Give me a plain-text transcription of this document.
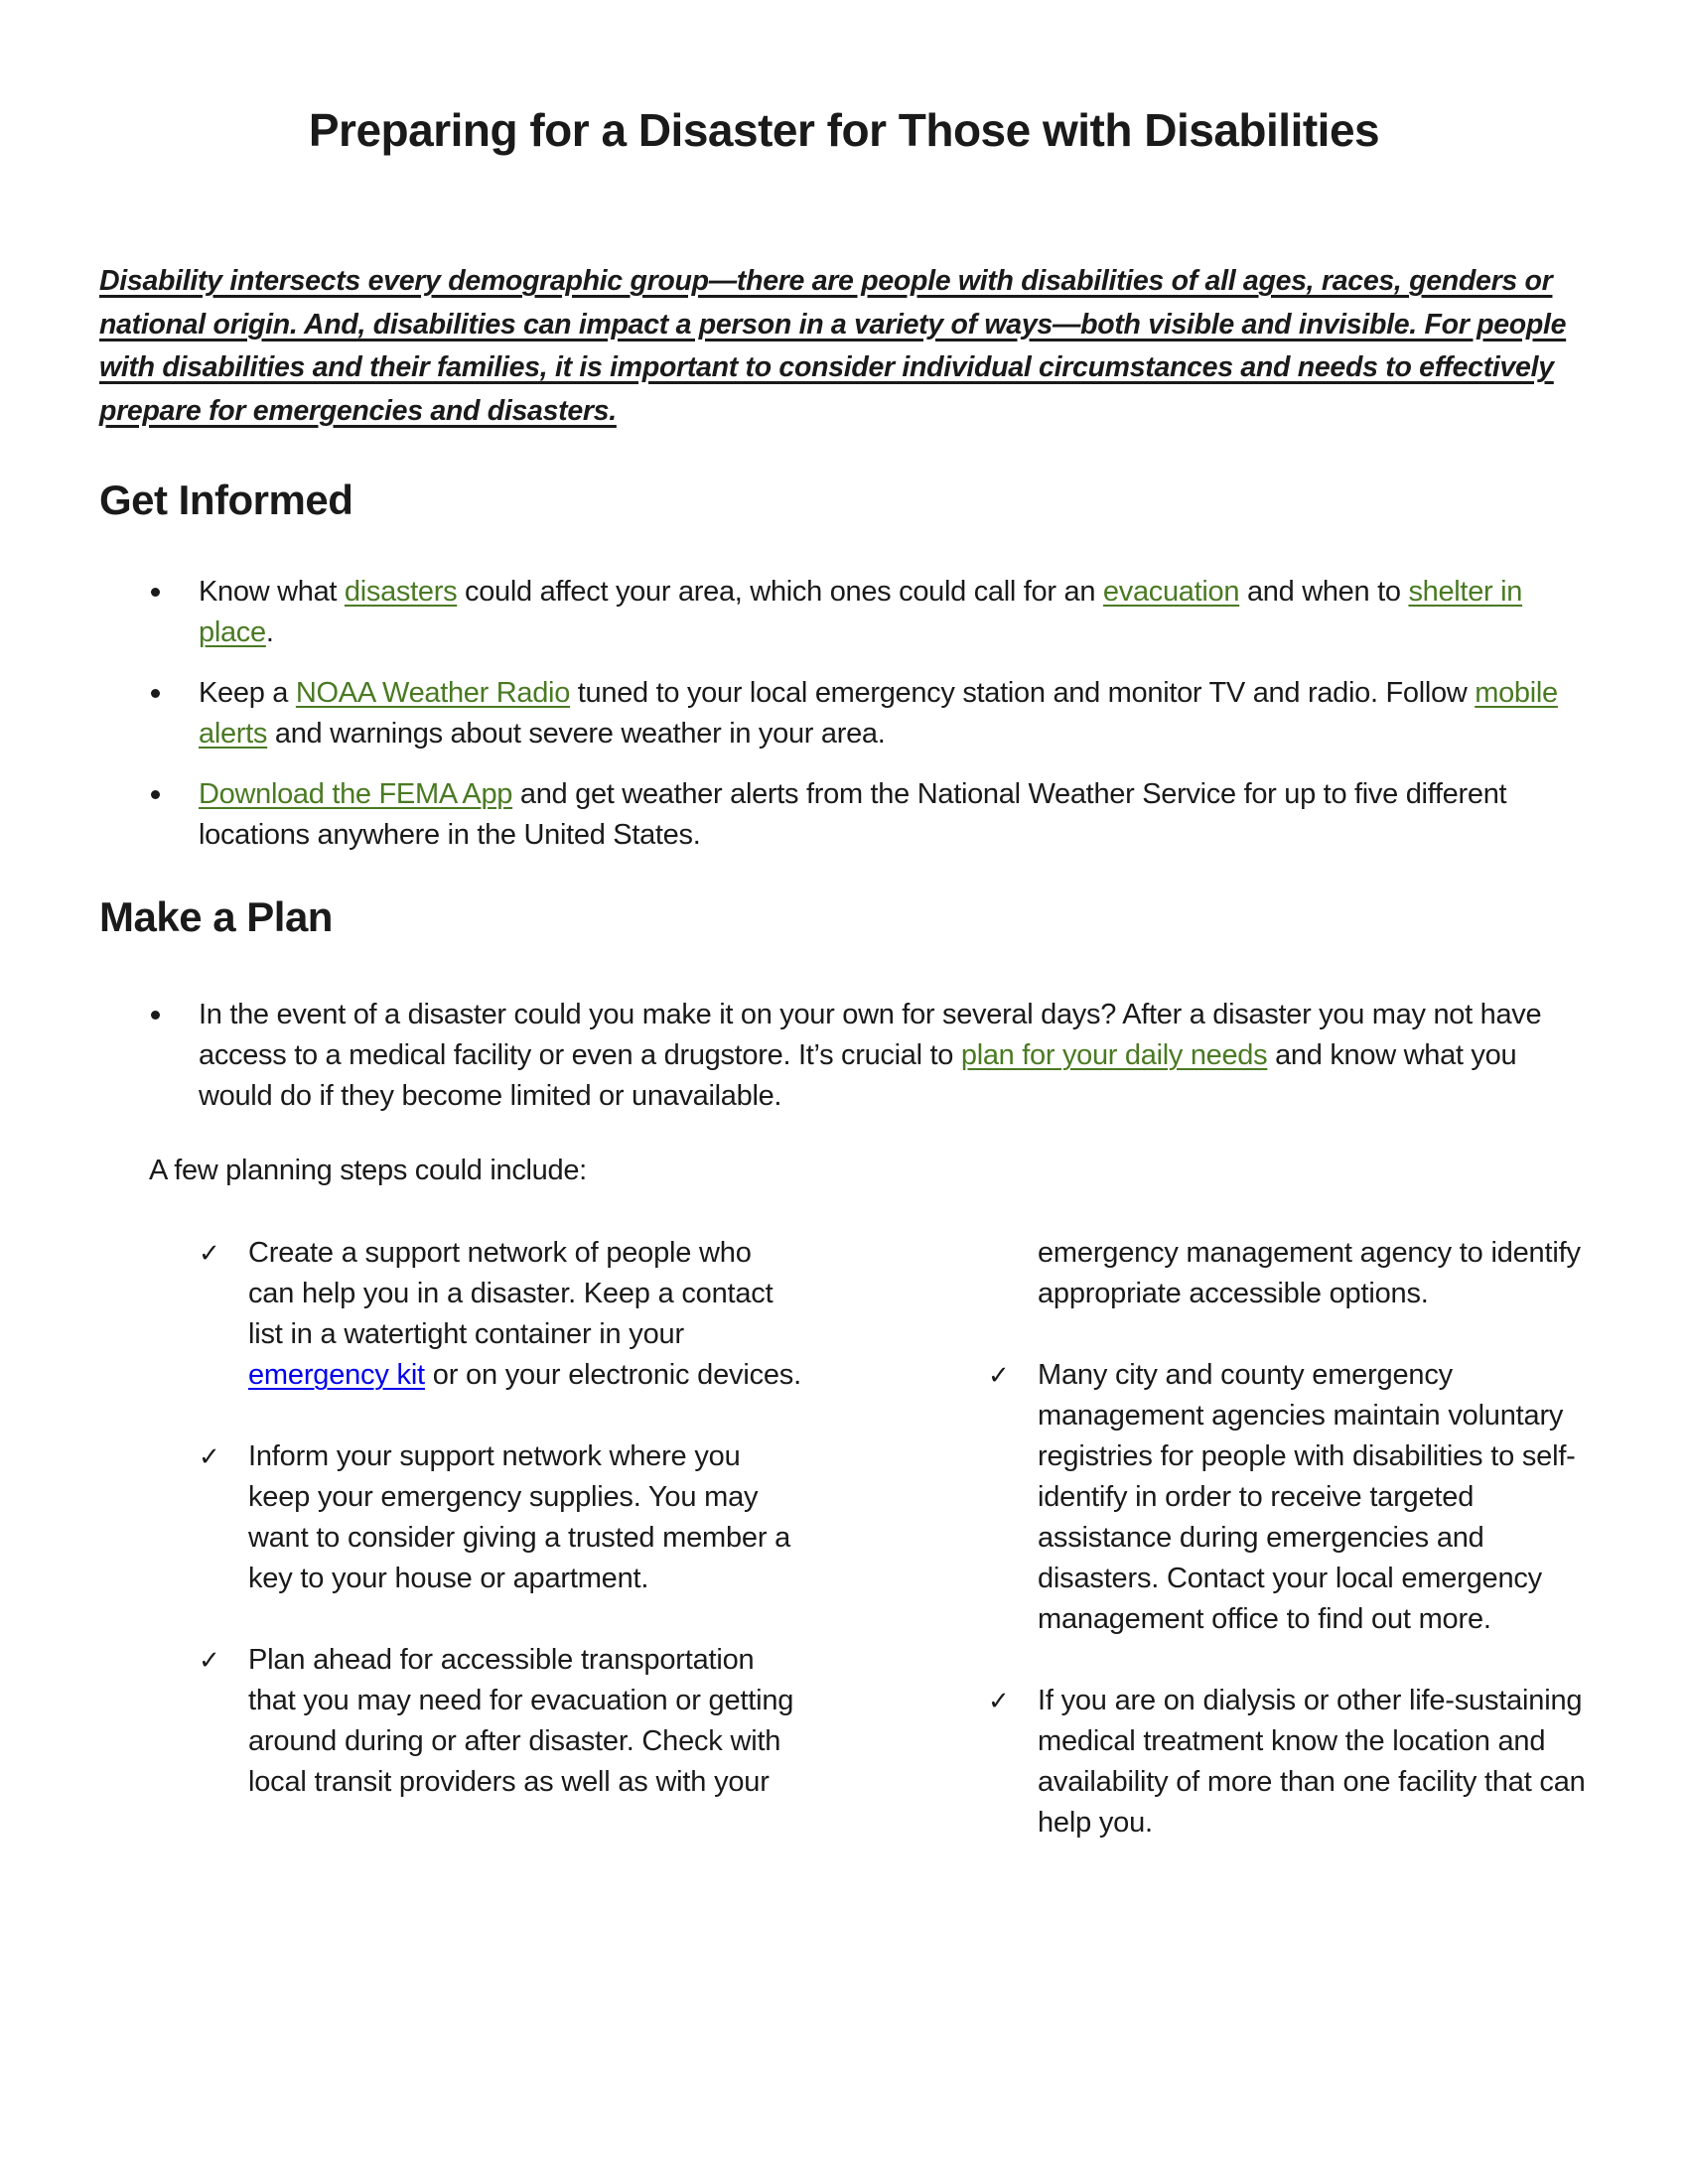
Preparing for a Disaster for Those with Disabilities
Disability intersects every demographic group—there are people with disabilities of all ages, races, genders or national origin. And, disabilities can impact a person in a variety of ways—both visible and invisible. For people with disabilities and their families, it is important to consider individual circumstances and needs to effectively prepare for emergencies and disasters.
Get Informed
Know what disasters could affect your area, which ones could call for an evacuation and when to shelter in place.
Keep a NOAA Weather Radio tuned to your local emergency station and monitor TV and radio. Follow mobile alerts and warnings about severe weather in your area.
Download the FEMA App and get weather alerts from the National Weather Service for up to five different locations anywhere in the United States.
Make a Plan
In the event of a disaster could you make it on your own for several days? After a disaster you may not have access to a medical facility or even a drugstore. It’s crucial to plan for your daily needs and know what you would do if they become limited or unavailable.
A few planning steps could include:
✓ Create a support network of people who can help you in a disaster. Keep a contact list in a watertight container in your emergency kit or on your electronic devices.
✓ Inform your support network where you keep your emergency supplies. You may want to consider giving a trusted member a key to your house or apartment.
✓ Plan ahead for accessible transportation that you may need for evacuation or getting around during or after disaster. Check with local transit providers as well as with your
emergency management agency to identify appropriate accessible options.
✓ Many city and county emergency management agencies maintain voluntary registries for people with disabilities to self-identify in order to receive targeted assistance during emergencies and disasters. Contact your local emergency management office to find out more.
✓ If you are on dialysis or other life-sustaining medical treatment know the location and availability of more than one facility that can help you.
